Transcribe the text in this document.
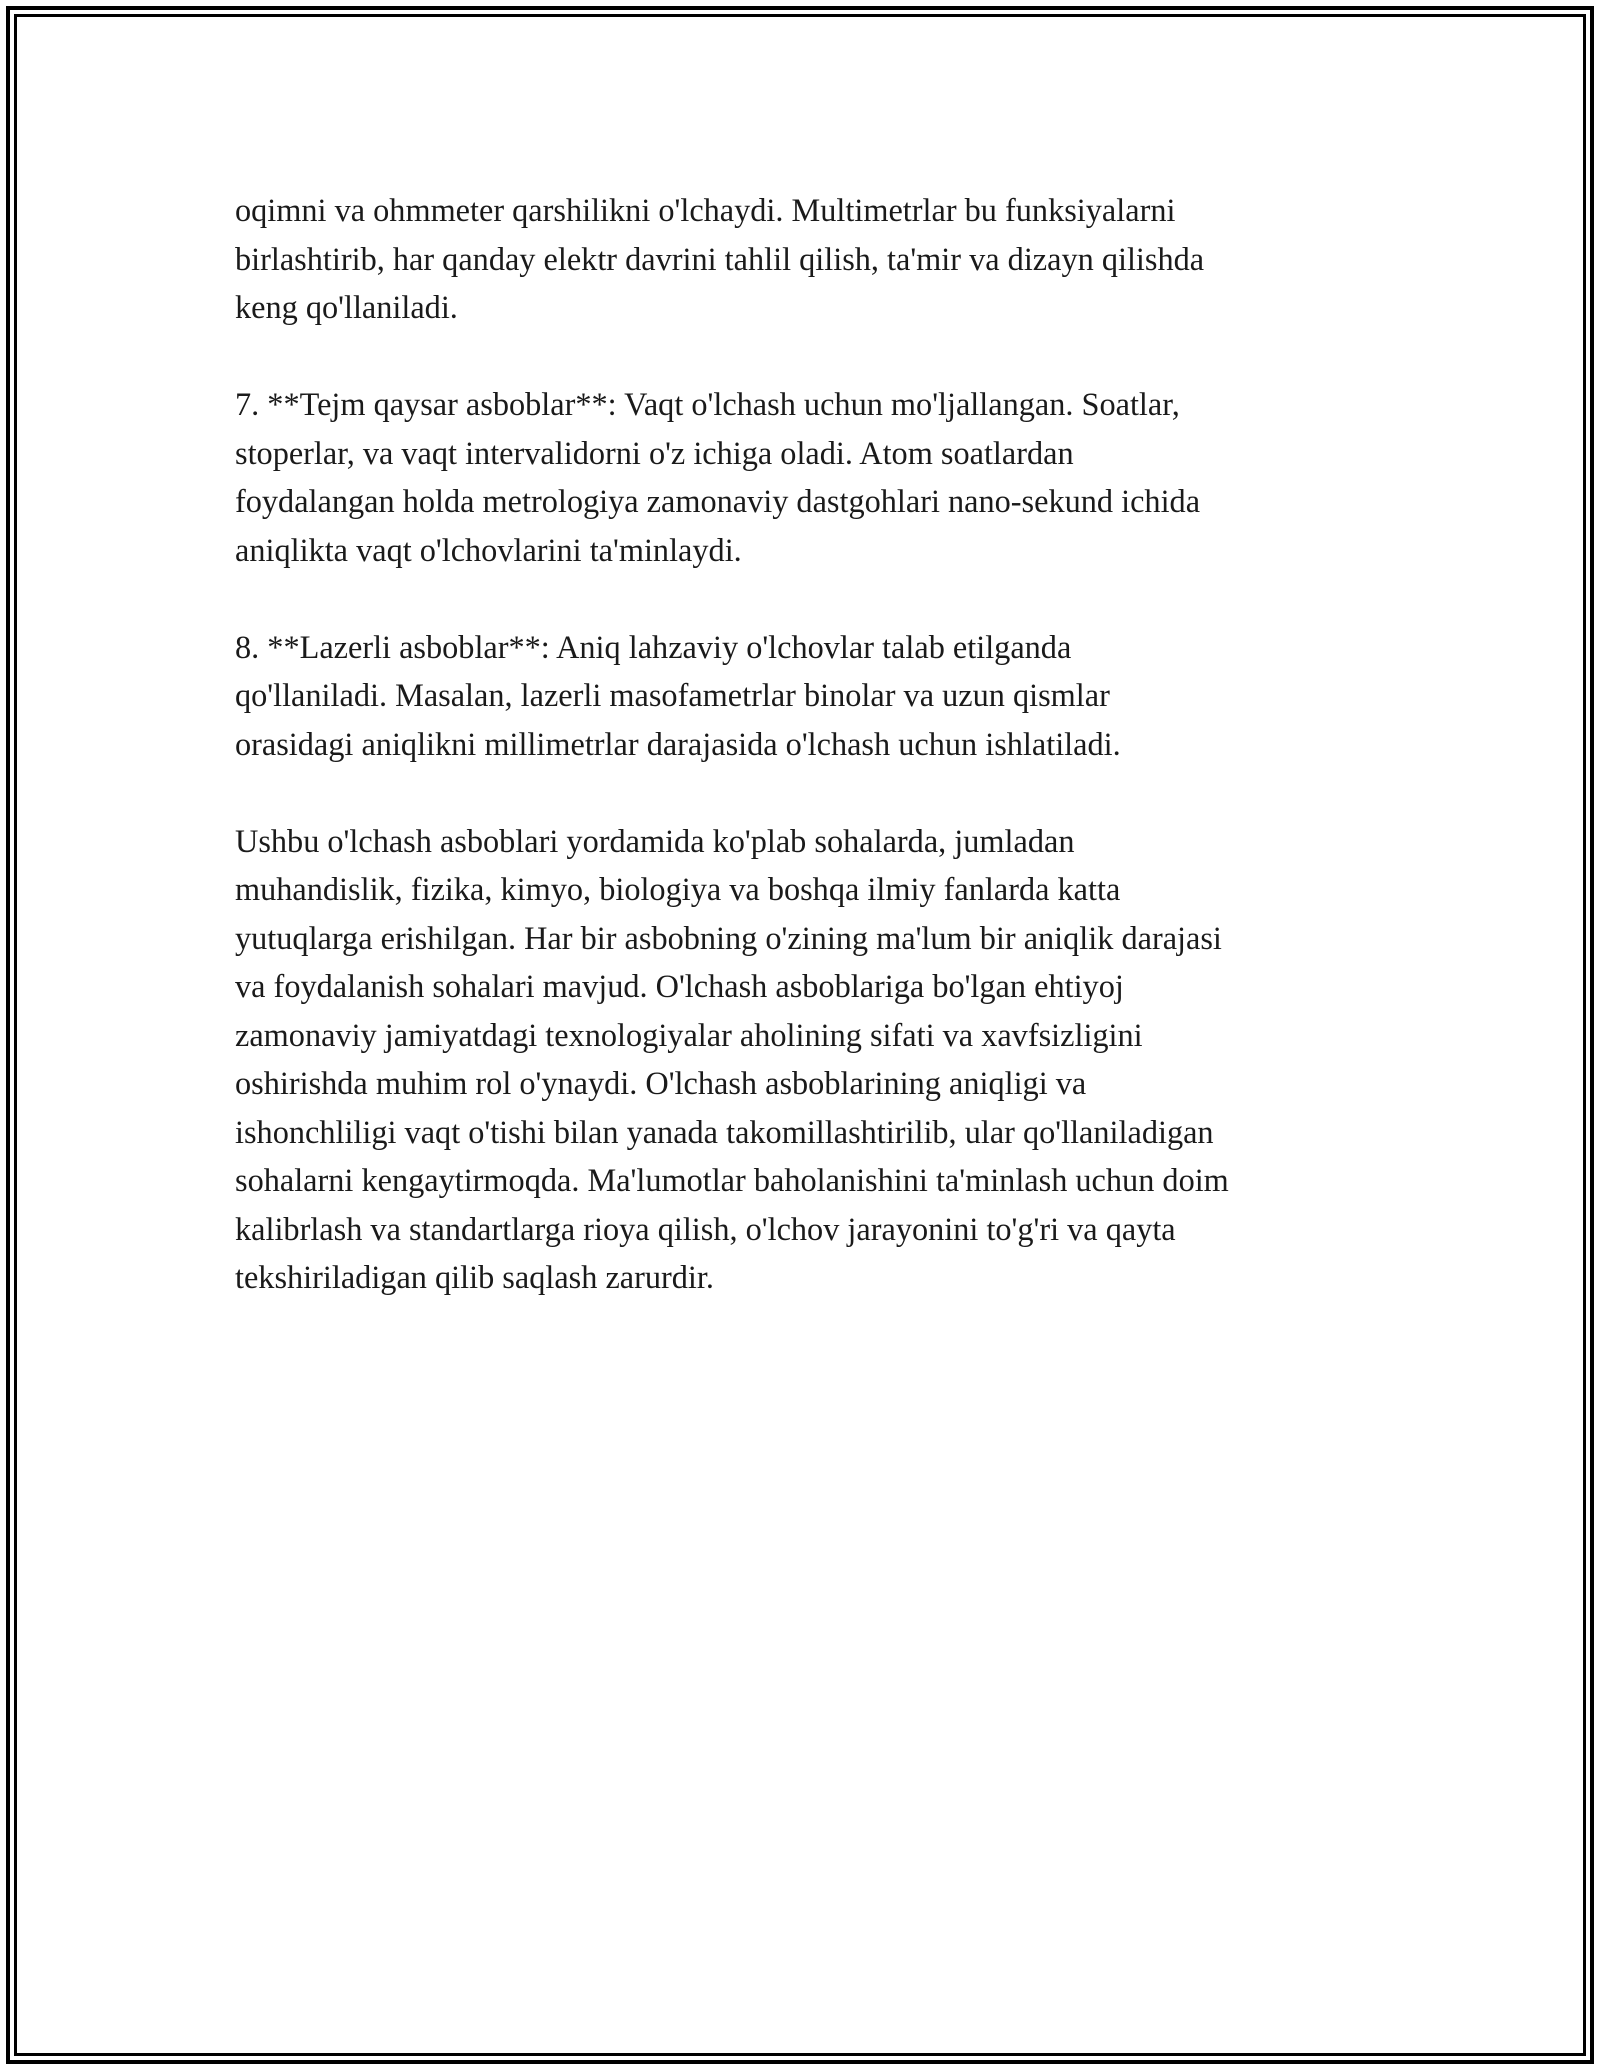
oqimni va ohmmeter qarshilikni o'lchaydi. Multimetrlar bu funksiyalarni
birlashtirib, har qanday elektr davrini tahlil qilish, ta'mir va dizayn qilishda
keng qo'llaniladi.

7. **Tejm qaysar asboblar**: Vaqt o'lchash uchun mo'ljallangan. Soatlar,
stoperlar, va vaqt intervalidorni o'z ichiga oladi. Atom soatlardan
foydalangan holda metrologiya zamonaviy dastgohlari nano-sekund ichida
aniqlikta vaqt o'lchovlarini ta'minlaydi.

8. **Lazerli asboblar**: Aniq lahzaviy o'lchovlar talab etilganda
qo'llaniladi. Masalan, lazerli masofametrlar binolar va uzun qismlar
orasidagi aniqlikni millimetrlar darajasida o'lchash uchun ishlatiladi.

Ushbu o'lchash asboblari yordamida ko'plab sohalarda, jumladan
muhandislik, fizika, kimyo, biologiya va boshqa ilmiy fanlarda katta
yutuqlarga erishilgan. Har bir asbobning o'zining ma'lum bir aniqlik darajasi
va foydalanish sohalari mavjud. O'lchash asboblariga bo'lgan ehtiyoj
zamonaviy jamiyatdagi texnologiyalar aholining sifati va xavfsizligini
oshirishda muhim rol o'ynaydi. O'lchash asboblarining aniqligi va
ishonchliligi vaqt o'tishi bilan yanada takomillashtirilib, ular qo'llaniladigan
sohalarni kengaytirmoqda. Ma'lumotlar baholanishini ta'minlash uchun doim
kalibrlash va standartlarga rioya qilish, o'lchov jarayonini to'g'ri va qayta
tekshiriladigan qilib saqlash zarurdir.
